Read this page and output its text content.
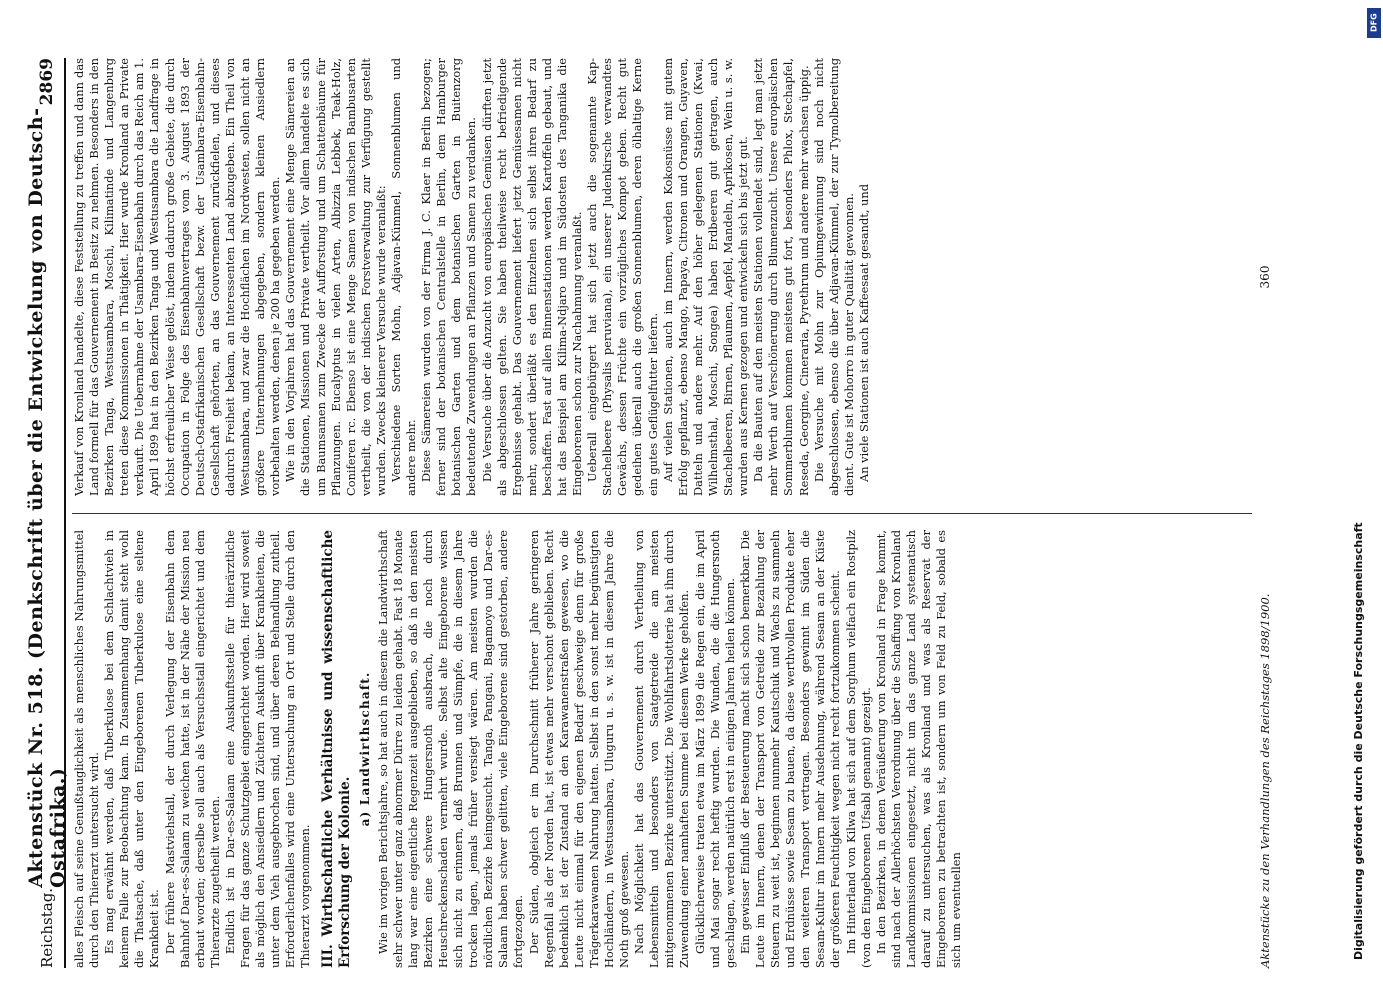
Reichstag.
Aktenstück Nr. 518. (Denkschrift über die Entwickelung von Deutsch-Ostafrika.)
2869

alles Fleisch auf seine Genußtauglichkeit als menschliches Nahrungsmittel durch den Thierarzt untersucht wird. Es mag erwähnt werden, daß Tuberkulose bei dem Schlachtvieh in keinem Falle zur Beobachtung kam. In Zusammenhang damit steht wohl die Thatsache, daß unter den Eingeborenen Tuberkulose eine seltene Krankheit ist. Der frühere Mastviehstall, der durch Verlegung der Eisenbahn dem Bahnhof Dar-es-Salaam zu weichen hatte, ist in der Nähe der Mission neu erbaut worden; derselbe soll auch als Versuchsstall eingerichtet und dem Thierarzte zugetheilt werden. Endlich ist in Dar-es-Salaam eine Auskunftsstelle für thierärztliche Fragen für das ganze Schutzgebiet eingerichtet worden. Hier wird soweit als möglich den Ansiedlern und Züchtern Auskunft über Krankheiten, die unter dem Vieh ausgebrochen sind, und über deren Behandlung zutheil. Erforderlichenfalles wird eine Untersuchung an Ort und Stelle durch den Thierarzt vorgenommen. III. Wirthschaftliche Verhältnisse und wissenschaftliche Erforschung der Kolonie.
a) Landwirthschaft. Wie im vorigen Berichtsjahre, so hat auch in diesem die Landwirthschaft sehr schwer unter ganz abnormer Dürre zu leiden gehabt. Fast 18 Monate lang war eine eigentliche Regenzeit ausgeblieben, so daß in den meisten Bezirken eine schwere Hungersnoth ausbrach, die noch durch Heuschreckenschaden vermehrt wurde. Selbst alte Eingeborene wissen sich nicht zu erinnern, daß Brunnen und Sümpfe, die in diesem Jahre trocken lagen, jemals früher versiegt wären. Am meisten wurden die nördlichen Bezirke heimgesucht. Tanga, Pangani, Bagamoyo und Dar-es-Salaam haben schwer gelitten, viele Eingeborene sind gestorben, andere fortgezogen. Der Süden, obgleich er im Durchschnitt früherer Jahre geringeren Regenfall als der Norden hat, ist etwas mehr verschont geblieben. Recht bedenklich ist der Zustand an den Karawanenstraßen gewesen, wo die Leute nicht einmal für den eigenen Bedarf geschweige denn für große Trägerkarawanen Nahrung hatten. Selbst in den sonst mehr begünstigten Hochländern, in Westusambara, Uluguru u. s. w. ist in diesem Jahre die Noth groß gewesen. Nach Möglichkeit hat das Gouvernement durch Vertheilung von Lebensmitteln und besonders von Saatgetreide die am meisten mitgenommenen Bezirke unterstützt. Die Wohlfahrtslotterie hat ihm durch Zuwendung einer namhaften Summe bei diesem Werke geholfen. Glücklicherweise traten etwa im März 1899 die Regen ein, die im April und Mai sogar recht heftig wurden. Die Wunden, die die Hungersnoth geschlagen, werden natürlich erst in einigen Jahren heilen können. Ein gewisser Einfluß der Besteuerung macht sich schon bemerkbar. Die Leute im Innern, denen der Transport von Getreide zur Bezahlung der Steuern zu weit ist, beginnen nunmehr Kautschuk und Wachs zu sammeln und Erdnüsse sowie Sesam zu bauen, da diese werthvollen Produkte eher den weiteren Transport vertragen. Besonders gewinnt im Süden die Sesam-Kultur im Innern mehr Ausdehnung, während Sesam an der Küste der größeren Feuchtigkeit wegen nicht recht fortzukommen scheint. Im Hinterland von Kilwa hat sich auf dem Sorghum vielfach ein Rostpilz (von den Eingeborenen Ufsabl genannt) gezeigt. In den Bezirken, in denen Veräußerung von Kronland in Frage kommt, sind nach der Allerhöchsten Verordnung über die Schaffung von Kronland Landkommissionen eingesetzt, nicht um das ganze Land systematisch darauf zu untersuchen, was als Kronland und was als Reservat der Eingeborenen zu betrachten ist, sondern um von Feld zu Feld, sobald es sich um eventuellen

Verkauf von Kronland handelte, diese Feststellung zu treffen und dann das Land formell für das Gouvernement in Besitz zu nehmen. Besonders in den Bezirken Tanga, Westusambara, Moschi, Kilimatinde und Langenburg treten diese Kommissionen in Thätigkeit. Hier wurde Kronland an Private verkauft. Die Uebernahme der Usambara-Eisenbahn durch das Reich am 1. April 1899 hat in den Bezirken Tanga und Westusambara die Landfrage in höchst erfreulicher Weise gelöst, indem dadurch große Gebiete, die durch Occupation in Folge des Eisenbahnvertrages vom 3. August 1893 der Deutsch-Ostafrikanischen Gesellschaft bezw. der Usambara-Eisenbahn-Gesellschaft gehörten, an das Gouvernement zurückfielen, und dieses dadurch Freiheit bekam, an Interessenten Land abzugeben. Ein Theil von Westusambara, und zwar die Hochflächen im Nordwesten, sollen nicht an größere Unternehmungen abgegeben, sondern kleinen Ansiedlern vorbehalten werden, denen je 200 ha gegeben werden. Wie in den Vorjahren hat das Gouvernement eine Menge Sämereien an die Stationen, Missionen und Private vertheilt. Vor allem handelte es sich um Baumsamen zum Zwecke der Aufforstung und um Schattenbäume für Pflanzungen. Eucalyptus in vielen Arten, Albizzia Lebbek, Teak-Holz, Coniferen rc. Ebenso ist eine Menge Samen von indischen Bambusarten vertheilt, die von der indischen Forstverwaltung zur Verfügung gestellt wurden. Zwecks kleinerer Versuche wurde veranlaßt: Verschiedene Sorten Mohn, Adjavan-Kümmel, Sonnenblumen und andere mehr. Diese Sämereien wurden von der Firma J. C. Klaer in Berlin bezogen; ferner sind der botanischen Centralstelle in Berlin, dem Hamburger botanischen Garten und dem botanischen Garten in Buitenzorg bedeutende Zuwendungen an Pflanzen und Samen zu verdanken. Die Versuche über die Anzucht von europäischen Gemüsen dürften jetzt als abgeschlossen gelten. Sie haben theilweise recht befriedigende Ergebnisse gehabt. Das Gouvernement liefert jetzt Gemüsesamen nicht mehr, sondert überläßt es den Einzelnen sich selbst ihren Bedarf zu beschaffen. Fast auf allen Binnenstationen werden Kartoffeln gebaut, und hat das Beispiel am Kilima-Ndjaro und im Südosten des Tanganika die Eingeborenen schon zur Nachahmung veranlaßt. Ueberall eingebürgert hat sich jetzt auch die sogenannte Kap-Stachelbeere (Physalis peruviana), ein unserer Judenkirsche verwandtes Gewächs, dessen Früchte ein vorzügliches Kompot geben. Recht gut gedeihen überall auch die großen Sonnenblumen, deren ölhaltige Kerne ein gutes Geflügelfutter liefern. Auf vielen Stationen, auch im Innern, werden Kokosnüsse mit gutem Erfolg gepflanzt, ebenso Mango, Papaya, Citronen und Orangen, Guyaven, Datteln und andere mehr. Auf den höher gelegenen Stationen (Kwai, Wilhelmsthal, Moschi, Songea) haben Erdbeeren gut getragen, auch Stachelbeeren, Birnen, Pflaumen, Aepfel, Mandeln, Aprikosen, Wein u. s. w. wurden aus Kernen gezogen und entwickeln sich bis jetzt gut. Da die Bauten auf den meisten Stationen vollendet sind, legt man jetzt mehr Werth auf Verschönerung durch Blumenzucht. Unsere europäischen Sommerblumen kommen meistens gut fort, besonders Phlox, Stechapfel, Reseda, Georgine, Cineraria, Pyrethrum und andere mehr wachsen üppig. Die Versuche mit Mohn zur Opiumgewinnung sind noch nicht abgeschlossen, ebenso die über Adjavan-Kümmel, der zur Tymolbereitung dient. Gute ist Mohorro in guter Qualität gewonnen. An viele Stationen ist auch Kaffeesaat gesandt, und

Aktenstücke zu den Verhandlungen des Reichstages 1898/1900.
360
Digitalisierung gefördert durch die Deutsche Forschungsgemeinschaft
DFG
